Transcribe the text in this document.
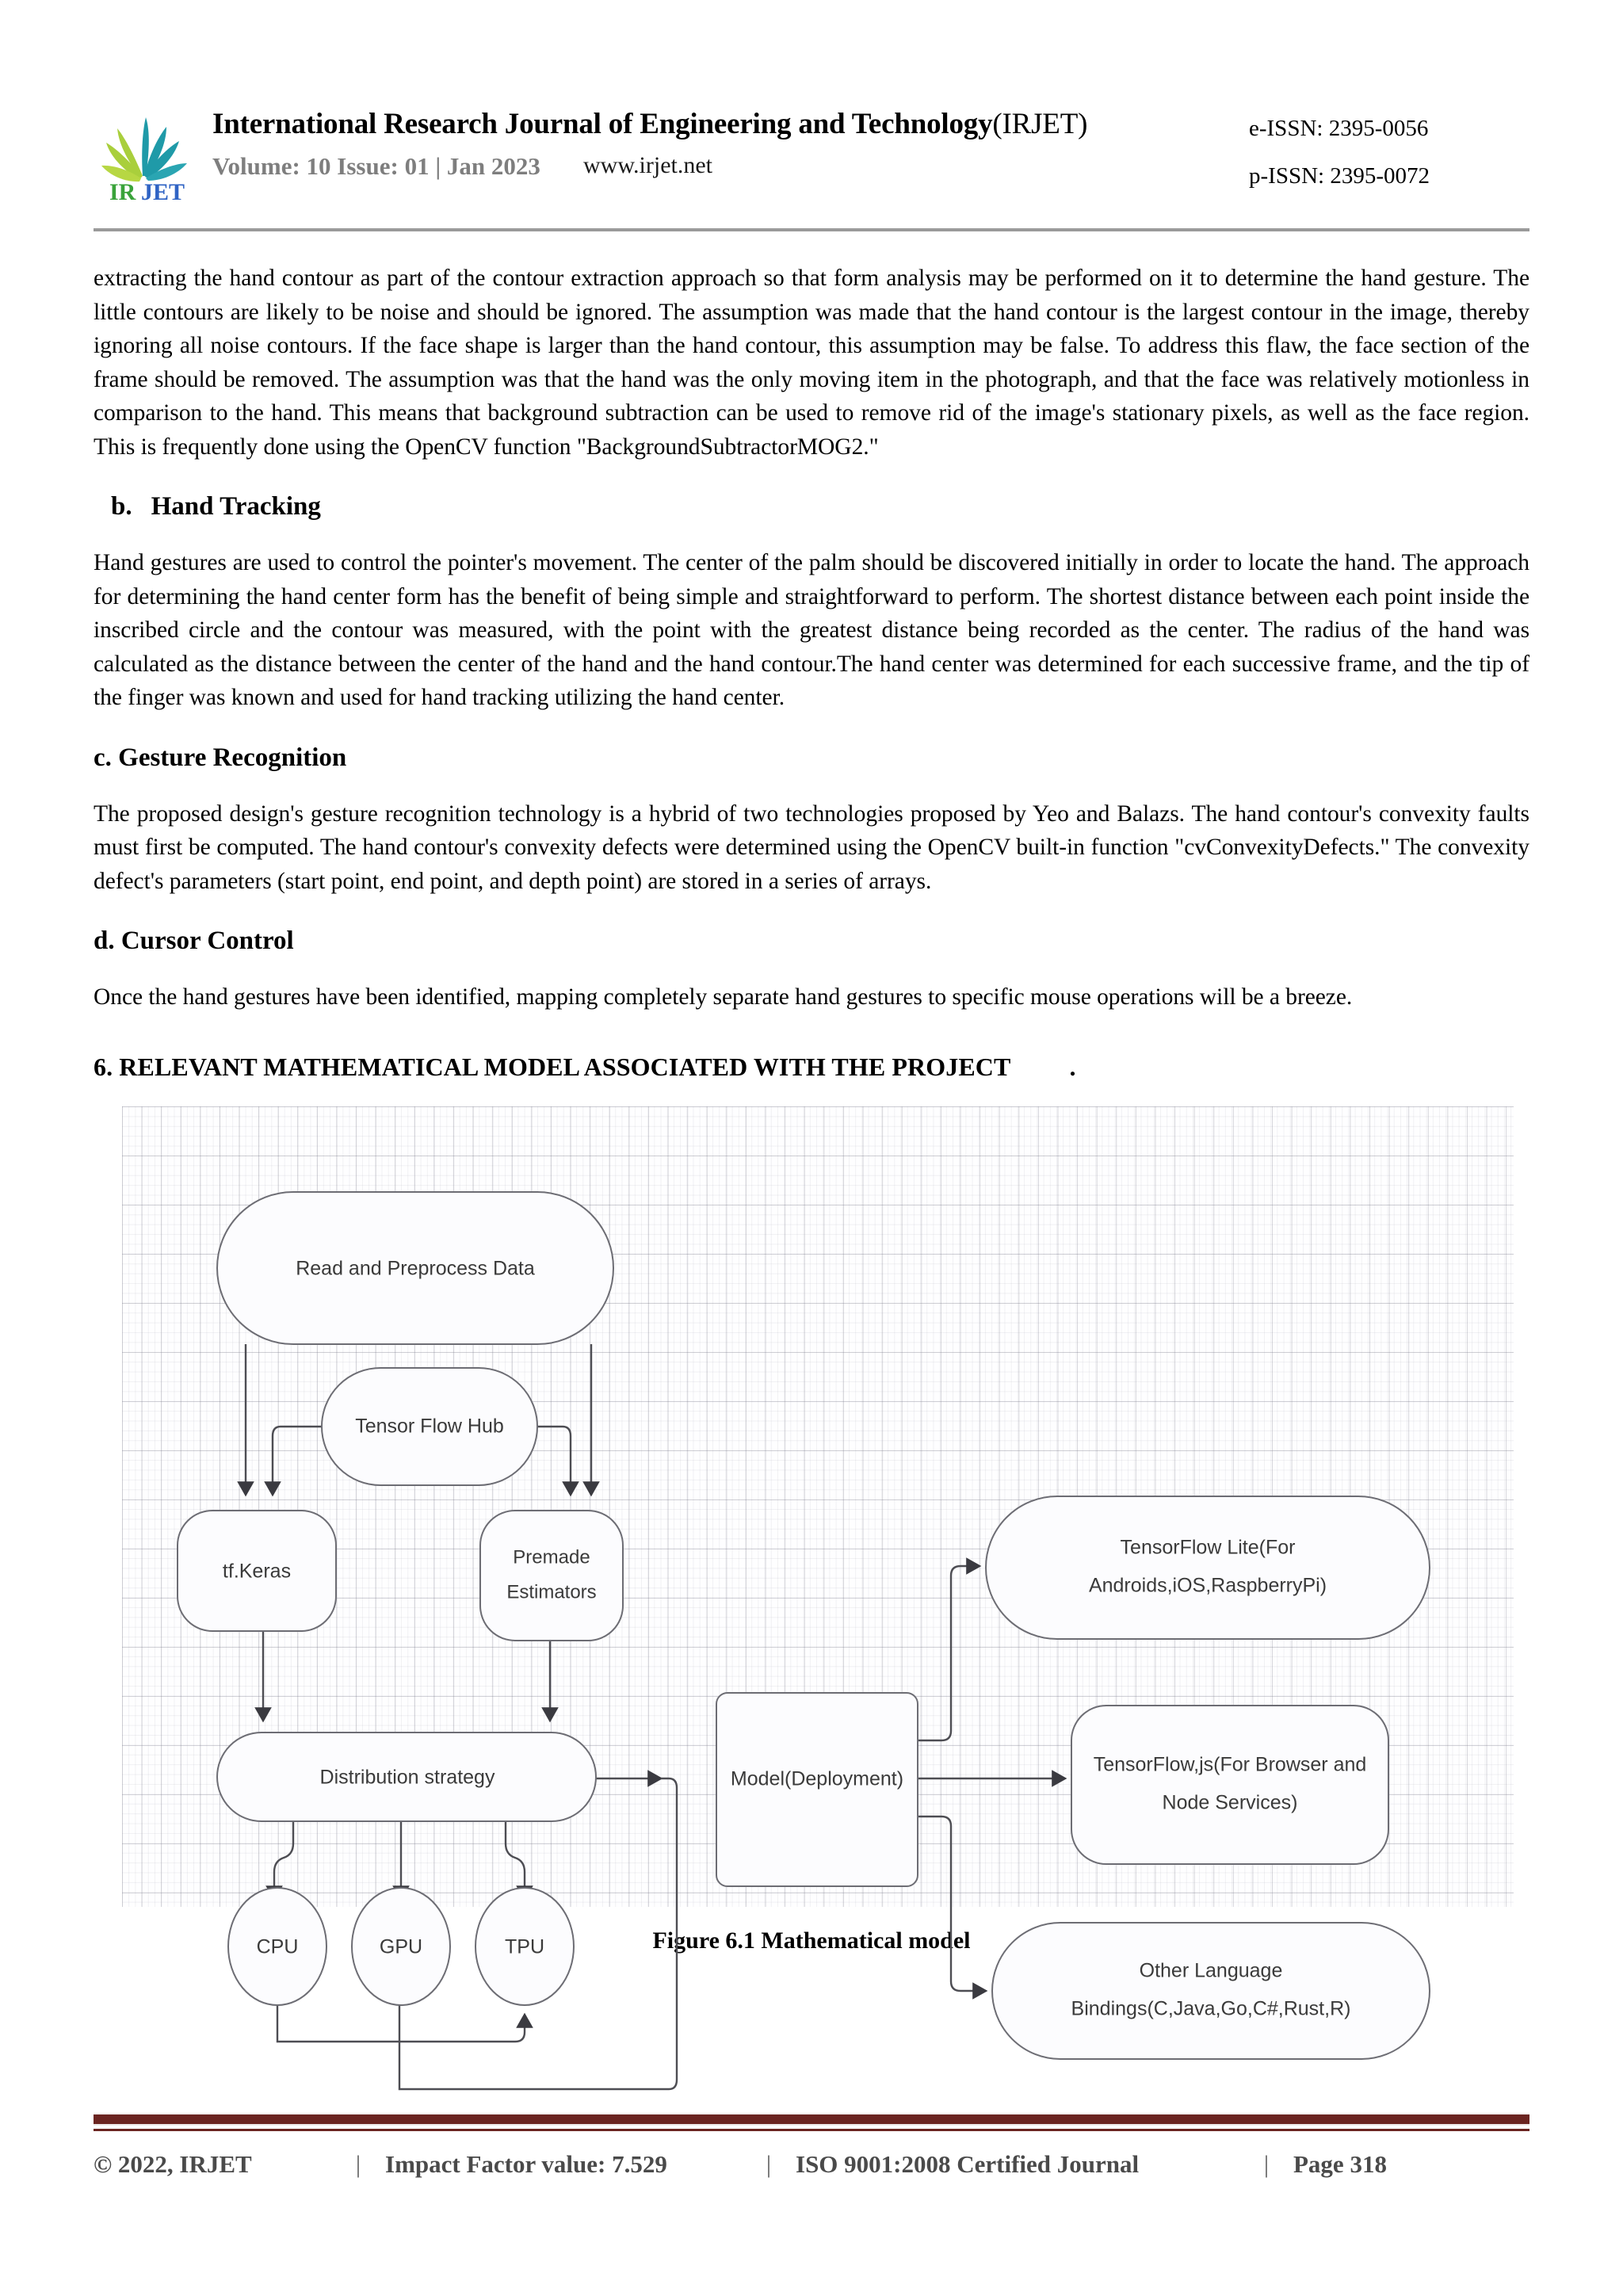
IR JET
International Research Journal of Engineering and Technology(IRJET)
Volume: 10 Issue: 01 | Jan 2023 www.irjet.net
e-ISSN: 2395-0056
p-ISSN: 2395-0072

extracting the hand contour as part of the contour extraction approach so that form analysis may be performed on it to determine the hand gesture. The little contours are likely to be noise and should be ignored. The assumption was made that the hand contour is the largest contour in the image, thereby ignoring all noise contours. If the face shape is larger than the hand contour, this assumption may be false. To address this flaw, the face section of the frame should be removed. The assumption was that the hand was the only moving item in the photograph, and that the face was relatively motionless in comparison to the hand. This means that background subtraction can be used to remove rid of the image's stationary pixels, as well as the face region. This is frequently done using the OpenCV function "BackgroundSubtractorMOG2."

b. Hand Tracking

Hand gestures are used to control the pointer's movement. The center of the palm should be discovered initially in order to locate the hand. The approach for determining the hand center form has the benefit of being simple and straightforward to perform. The shortest distance between each point inside the inscribed circle and the contour was measured, with the point with the greatest distance being recorded as the center. The radius of the hand was calculated as the distance between the center of the hand and the hand contour.The hand center was determined for each successive frame, and the tip of the finger was known and used for hand tracking utilizing the hand center.

c. Gesture Recognition

The proposed design's gesture recognition technology is a hybrid of two technologies proposed by Yeo and Balazs. The hand contour's convexity faults must first be computed. The hand contour's convexity defects were determined using the OpenCV built-in function "cvConvexityDefects." The convexity defect's parameters (start point, end point, and depth point) are stored in a series of arrays.

d. Cursor Control

Once the hand gestures have been identified, mapping completely separate hand gestures to specific mouse operations will be a breeze.

6. RELEVANT MATHEMATICAL MODEL ASSOCIATED WITH THE PROJECT .
Read and Preprocess Data
Tensor Flow Hub
tf.Keras
Premade
Estimators
Distribution strategy
CPU	GPU	TPU
Model(Deployment)
TensorFlow Lite(For
Androids,iOS,RaspberryPi)
TensorFlow,js(For Browser and
Node Services)
Other Language
Bindings(C,Java,Go,C#,Rust,R)
Figure 6.1 Mathematical model
© 2022, IRJET	| Impact Factor value: 7.529	| ISO 9001:2008 Certified Journal	| Page 318
